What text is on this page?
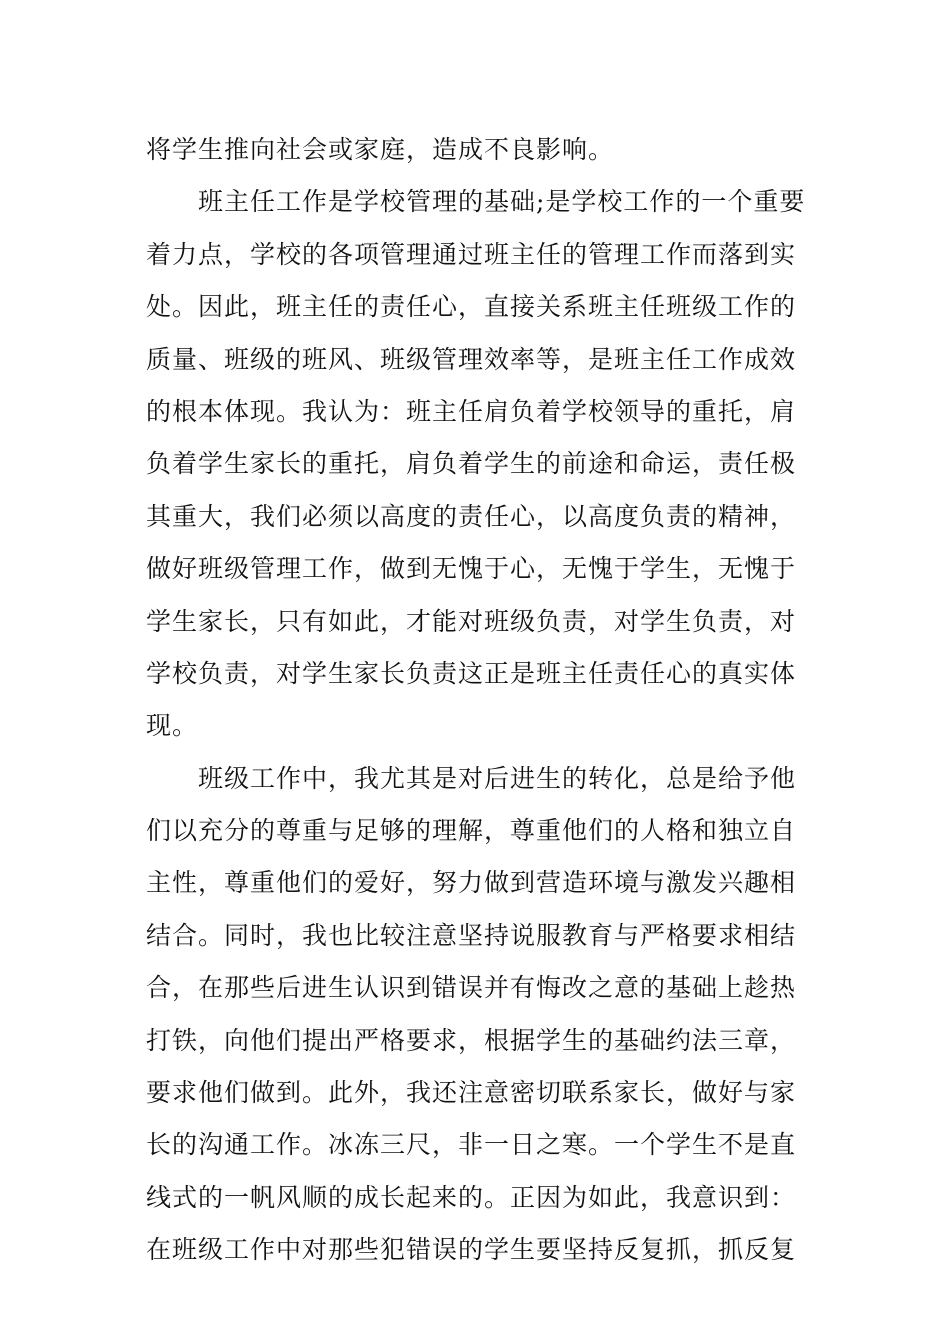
将学生推向社会或家庭，造成不良影响。
　　班主任工作是学校管理的基础;是学校工作的一个重要
着力点，学校的各项管理通过班主任的管理工作而落到实
处。因此，班主任的责任心，直接关系班主任班级工作的
质量、班级的班风、班级管理效率等，是班主任工作成效
的根本体现。我认为：班主任肩负着学校领导的重托，肩
负着学生家长的重托，肩负着学生的前途和命运，责任极
其重大，我们必须以高度的责任心，以高度负责的精神，
做好班级管理工作，做到无愧于心，无愧于学生，无愧于
学生家长，只有如此，才能对班级负责，对学生负责，对
学校负责，对学生家长负责这正是班主任责任心的真实体
现。
　　班级工作中，我尤其是对后进生的转化，总是给予他
们以充分的尊重与足够的理解，尊重他们的人格和独立自
主性，尊重他们的爱好，努力做到营造环境与激发兴趣相
结合。同时，我也比较注意坚持说服教育与严格要求相结
合，在那些后进生认识到错误并有悔改之意的基础上趁热
打铁，向他们提出严格要求，根据学生的基础约法三章，
要求他们做到。此外，我还注意密切联系家长，做好与家
长的沟通工作。冰冻三尺，非一日之寒。一个学生不是直
线式的一帆风顺的成长起来的。正因为如此，我意识到：
在班级工作中对那些犯错误的学生要坚持反复抓，抓反复
